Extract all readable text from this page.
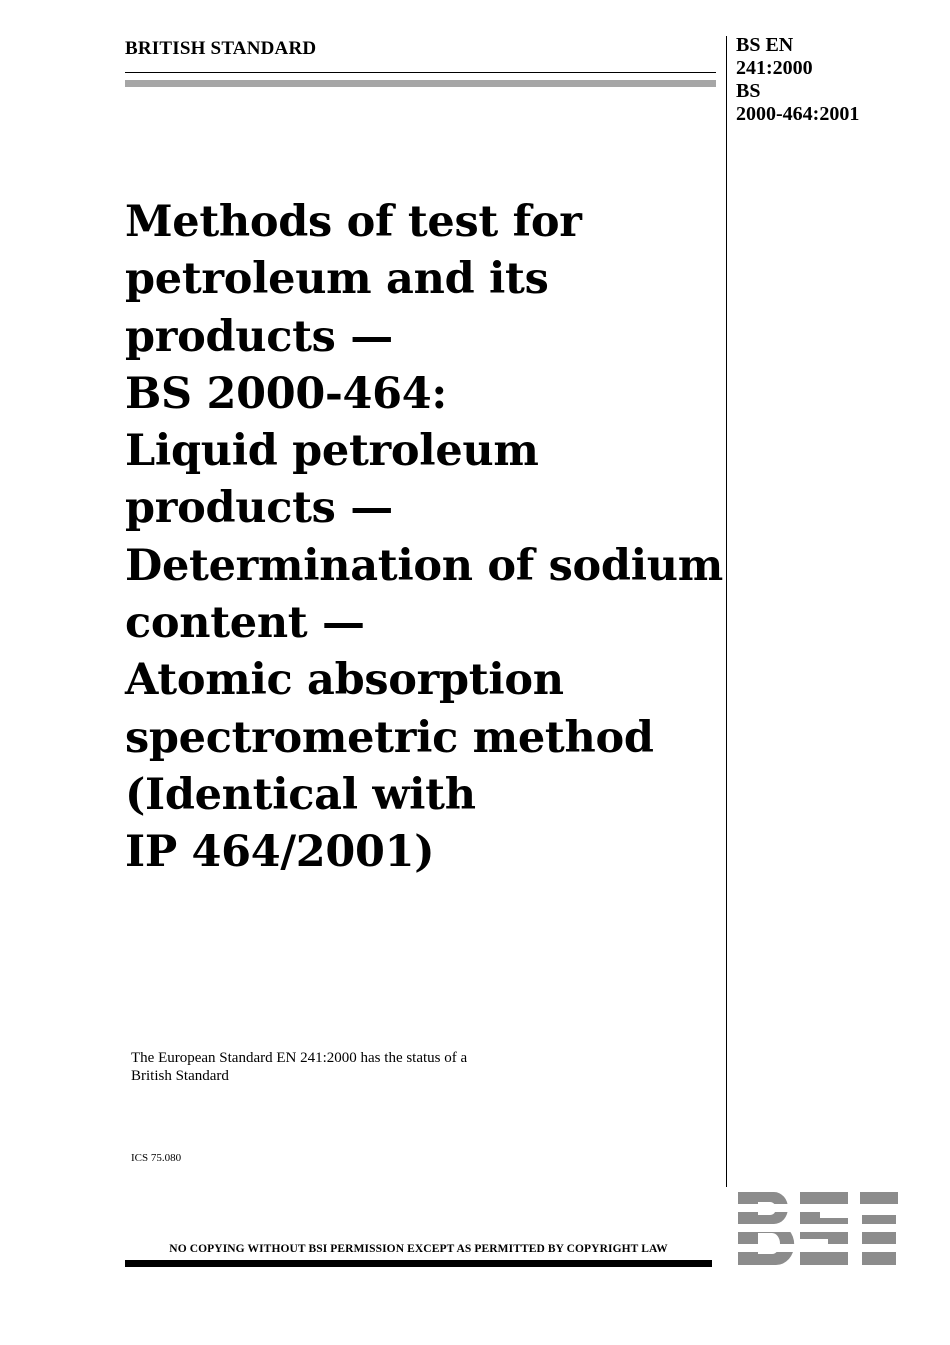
BRITISH STANDARD	BS EN
241:2000
BS
2000-464:2001
Methods of test for
petroleum and its
products —
BS 2000-464:
Liquid petroleum
products —
Determination of sodium
content —
Atomic absorption
spectrometric method
(Identical with
IP 464/2001)
The European Standard EN 241:2000 has the status of a
British Standard
ICS 75.080
NO COPYING WITHOUT BSI PERMISSION EXCEPT AS PERMITTED BY COPYRIGHT LAW
